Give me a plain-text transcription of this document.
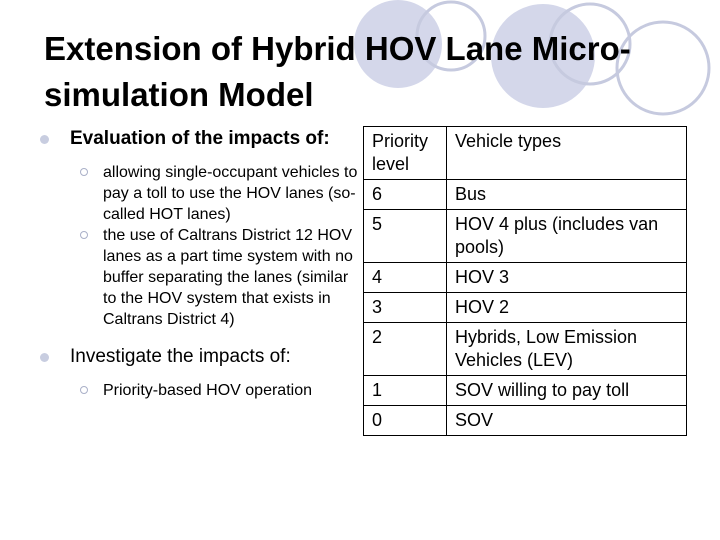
Extension of Hybrid HOV Lane Micro-simulation Model
Evaluation of the impacts of:
allowing single-occupant vehicles to pay a toll to use the HOV lanes (so-called HOT lanes)
the use of Caltrans District 12 HOV lanes as a part time system with no buffer separating the lanes (similar to the HOV system that exists in Caltrans District 4)
Investigate the impacts of:
Priority-based HOV operation
Priority level	Vehicle types
6	Bus
5	HOV 4 plus (includes van pools)
4	HOV 3
3	HOV 2
2	Hybrids, Low Emission Vehicles (LEV)
1	SOV willing to pay toll
0	SOV
